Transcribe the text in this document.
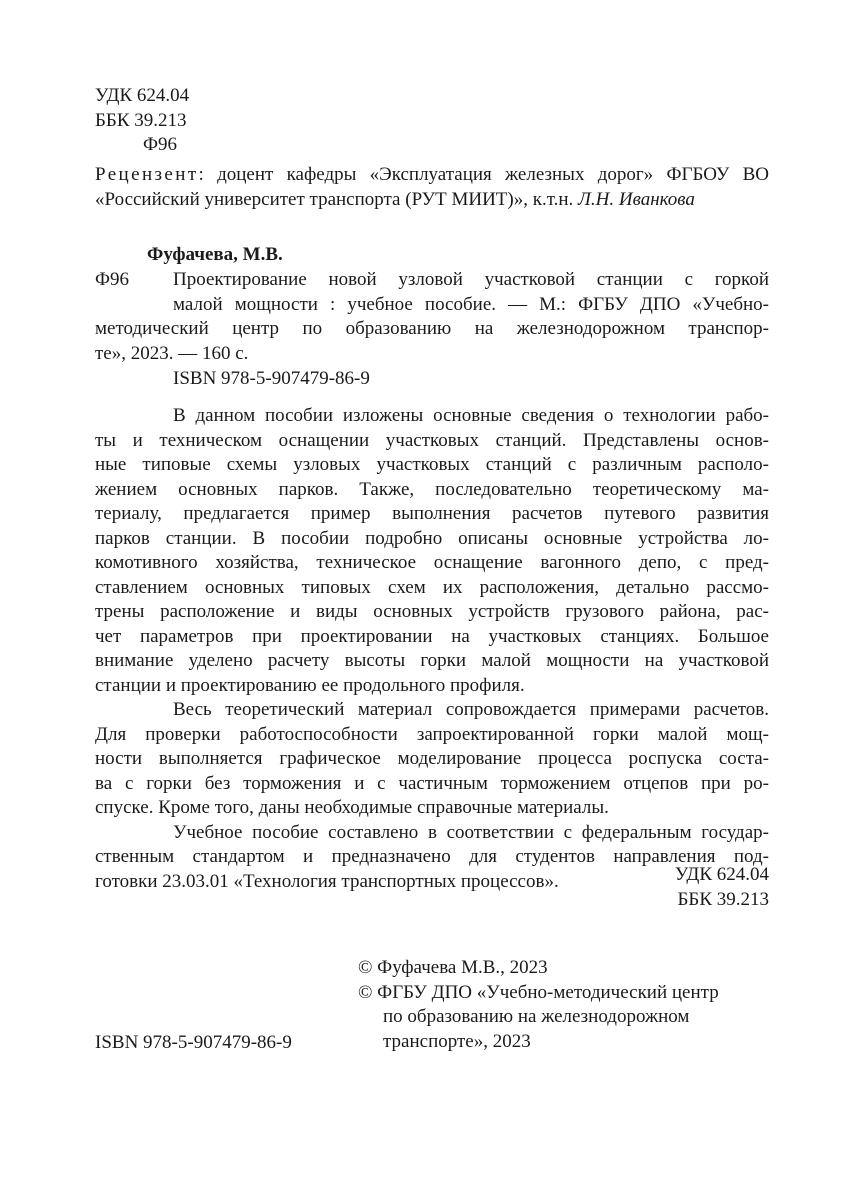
УДК 624.04
ББК 39.213
Ф96
Рецензент: доцент кафедры «Эксплуатация железных дорог» ФГБОУ ВО
«Российский университет транспорта (РУТ МИИТ)», к.т.н. Л.Н. Иванкова
Фуфачева, М.В.
Ф96 Проектирование новой узловой участковой станции с горкой
малой мощности : учебное пособие. — М.: ФГБУ ДПО «Учебно-
методический центр по образованию на железнодорожном транспор-
те», 2023. — 160 с.
ISBN 978-5-907479-86-9
В данном пособии изложены основные сведения о технологии рабо-
ты и техническом оснащении участковых станций. Представлены основ-
ные типовые схемы узловых участковых станций с различным располо-
жением основных парков. Также, последовательно теоретическому ма-
териалу, предлагается пример выполнения расчетов путевого развития
парков станции. В пособии подробно описаны основные устройства ло-
комотивного хозяйства, техническое оснащение вагонного депо, с пред-
ставлением основных типовых схем их расположения, детально рассмо-
трены расположение и виды основных устройств грузового района, рас-
чет параметров при проектировании на участковых станциях. Большое
внимание уделено расчету высоты горки малой мощности на участковой
станции и проектированию ее продольного профиля.
Весь теоретический материал сопровождается примерами расчетов.
Для проверки работоспособности запроектированной горки малой мощ-
ности выполняется графическое моделирование процесса роспуска соста-
ва с горки без торможения и с частичным торможением отцепов при ро-
спуске. Кроме того, даны необходимые справочные материалы.
Учебное пособие составлено в соответствии с федеральным государ-
ственным стандартом и предназначено для студентов направления под-
готовки 23.03.01 «Технология транспортных процессов».	УДК 624.04
ББК 39.213
© Фуфачева М.В., 2023
© ФГБУ ДПО «Учебно-методический центр
по образованию на железнодорожном
транспорте», 2023
ISBN 978-5-907479-86-9
